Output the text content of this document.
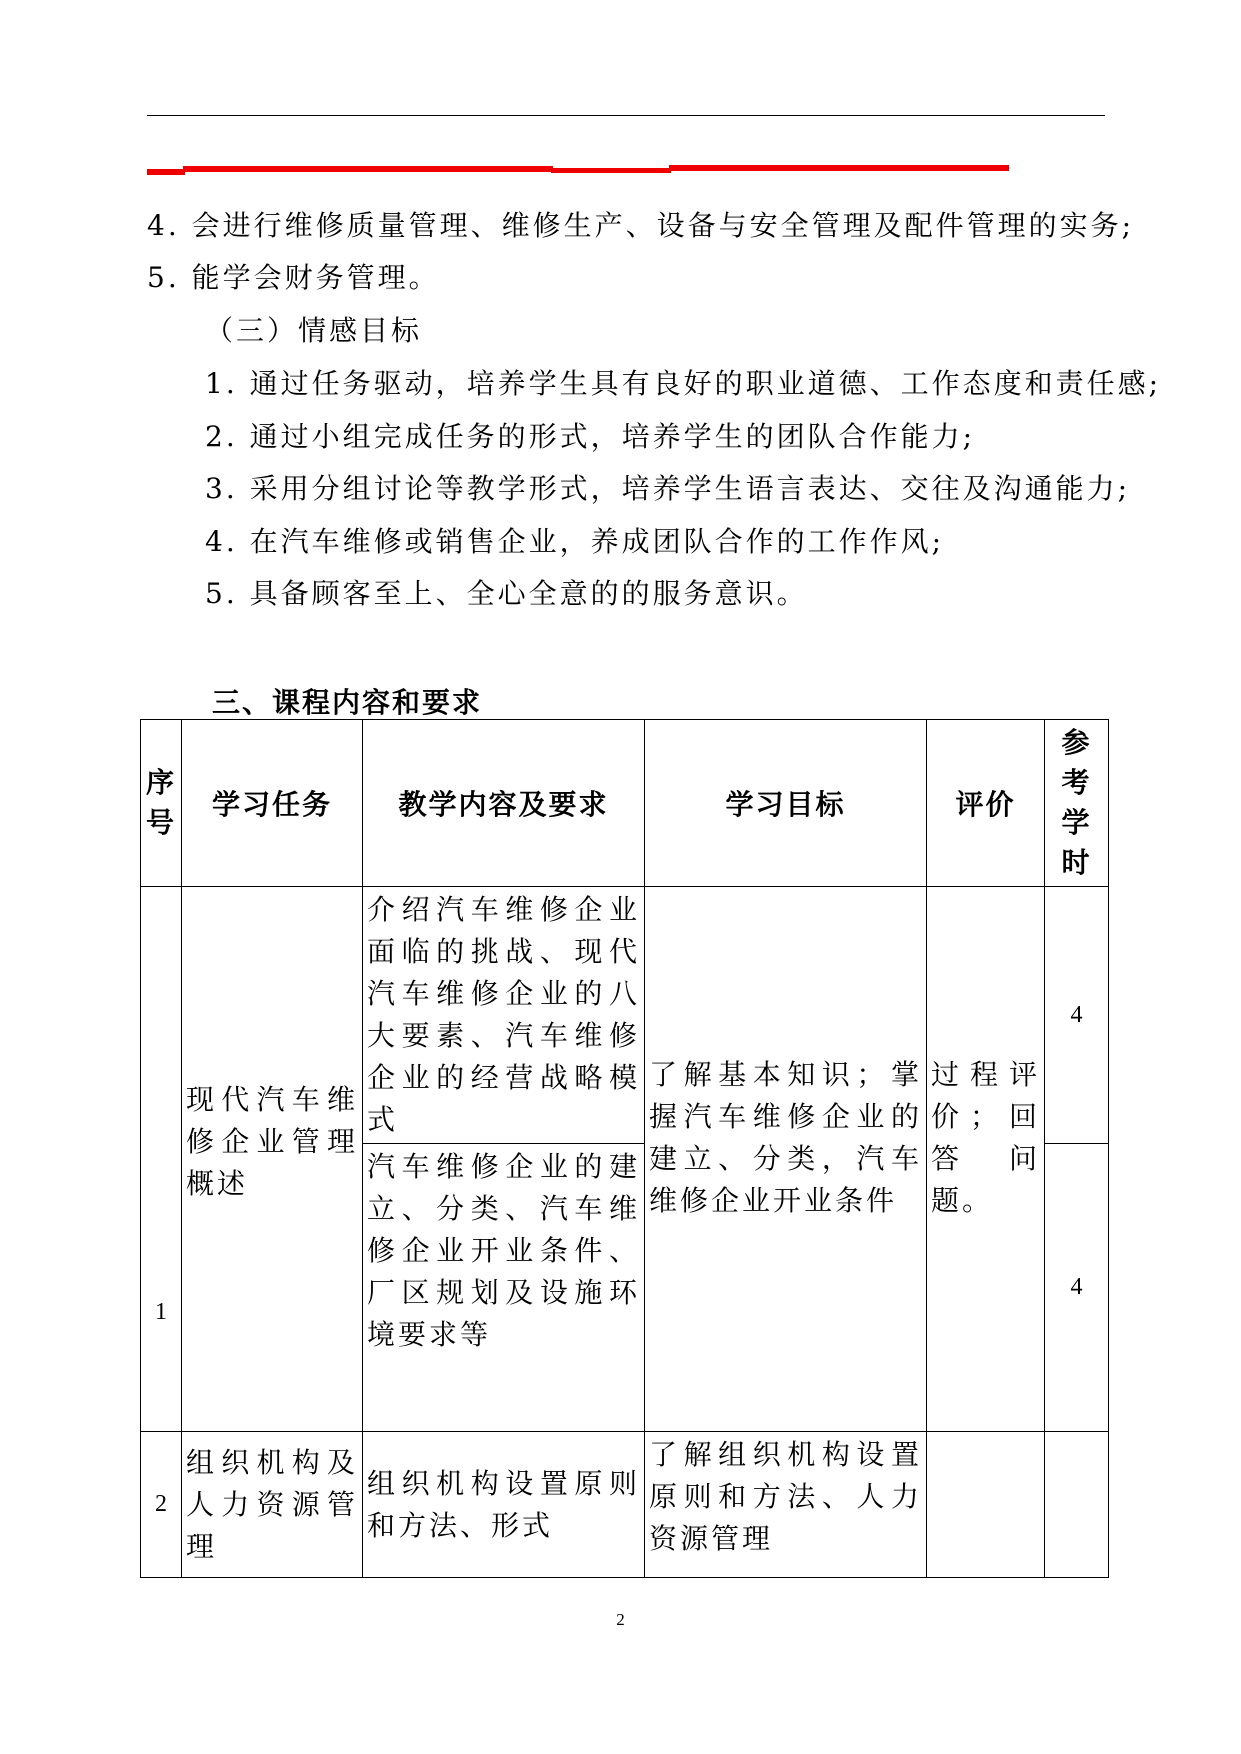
4. 会进行维修质量管理、维修生产、设备与安全管理及配件管理的实务;
5. 能学会财务管理。
（三）情感目标
1. 通过任务驱动，培养学生具有良好的职业道德、工作态度和责任感;
2. 通过小组完成任务的形式，培养学生的团队合作能力;
3. 采用分组讨论等教学形式，培养学生语言表达、交往及沟通能力;
4. 在汽车维修或销售企业，养成团队合作的工作作风;
5. 具备顾客至上、全心全意的的服务意识。
三、课程内容和要求
序号	学习任务	教学内容及要求	学习目标	评价	参考学时

1	现代汽车维修企业管理概述	介绍汽车维修企业面临的挑战、现代汽车维修企业的八大要素、汽车维修企业的经营战略模式	了解基本知识；掌握汽车维修企业的建立、分类，汽车维修企业开业条件	过程评价；回答问题。	4

		汽车维修企业的建立、分类、汽车维修企业开业条件、厂区规划及设施环境要求等			4
2	组织机构及人力资源管理	组织机构设置原则和方法、形式	了解组织机构设置原则和方法、人力资源管理		

2
